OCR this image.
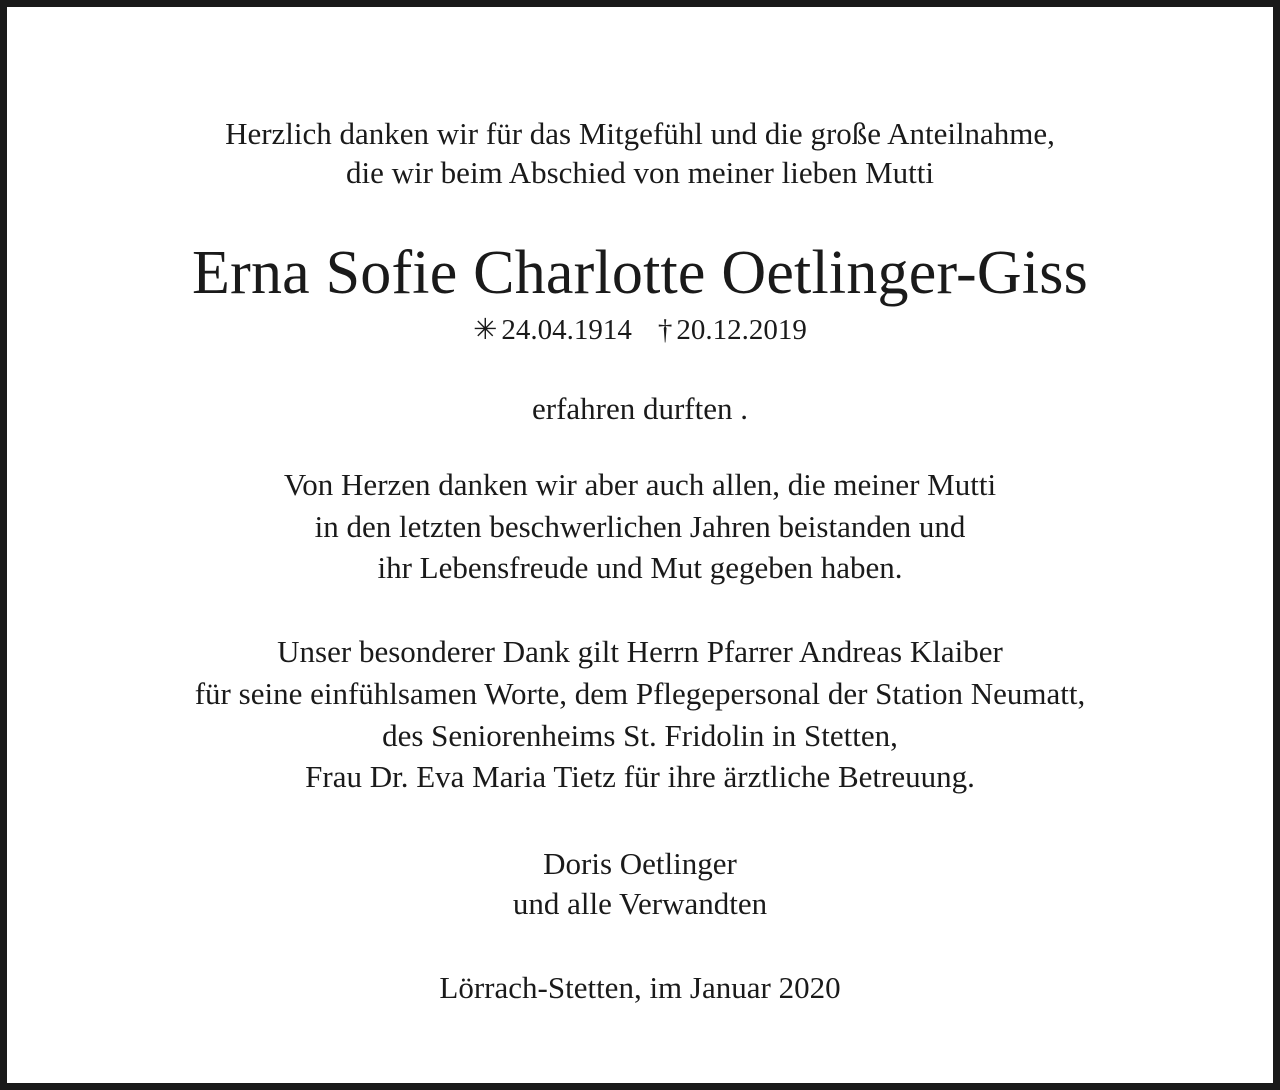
Herzlich danken wir für das Mitgefühl und die große Anteilnahme,
die wir beim Abschied von meiner lieben Mutti
Erna Sofie Charlotte Oetlinger-Giss
✳ 24.04.1914 † 20.12.2019
erfahren durften .
Von Herzen danken wir aber auch allen, die meiner Mutti
in den letzten beschwerlichen Jahren beistanden und
ihr Lebensfreude und Mut gegeben haben.
Unser besonderer Dank gilt Herrn Pfarrer Andreas Klaiber
für seine einfühlsamen Worte, dem Pflegepersonal der Station Neumatt,
des Seniorenheims St. Fridolin in Stetten,
Frau Dr. Eva Maria Tietz für ihre ärztliche Betreuung.
Doris Oetlinger
und alle Verwandten
Lörrach-Stetten, im Januar 2020
